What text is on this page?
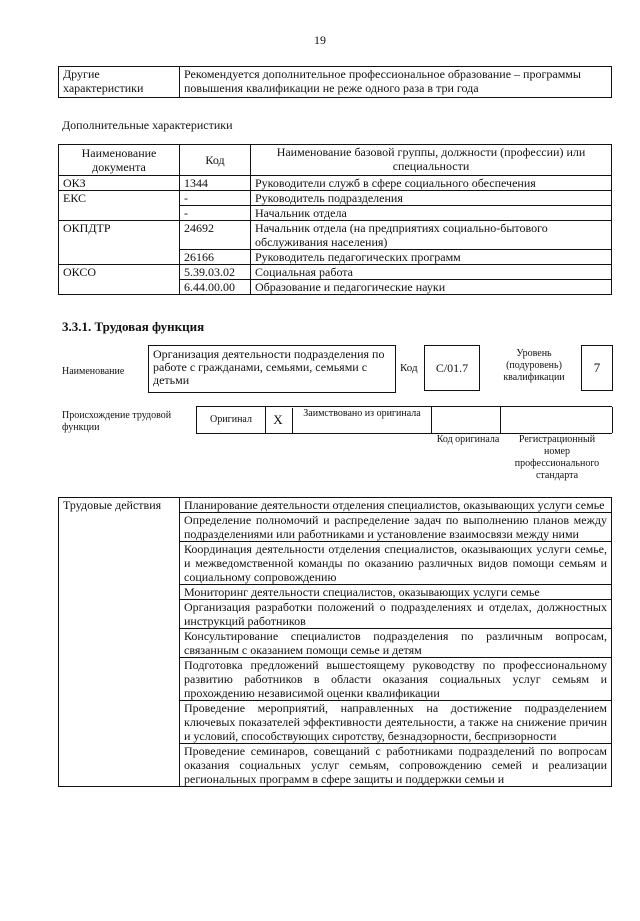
19
Другие характеристики	Рекомендуется дополнительное профессиональное образование – программы повышения квалификации не реже одного раза в три года
Дополнительные характеристики
Наименование документа	Код	Наименование базовой группы, должности (профессии) или специальности
ОКЗ	1344	Руководители служб в сфере социального обеспечения
ЕКС	-	Руководитель подразделения
	-	Начальник отдела
ОКПДТР	24692	Начальник отдела (на предприятиях социально-бытового обслуживания населения)
	26166	Руководитель педагогических программ
ОКСО	5.39.03.02	Социальная работа
	6.44.00.00	Образование и педагогические науки
3.3.1. Трудовая функция
Наименование
Организация деятельности подразделения по работе с гражданами, семьями, семьями с детьми
Код	C/01.7
Уровень (подуровень) квалификации
7
Происхождение трудовой функции
Оригинал	X	Заимствовано из оригинала
Код оригинала	Регистрационный номер профессионального стандарта
Трудовые действия	Планирование деятельности отделения специалистов, оказывающих услуги семье
Определение полномочий и распределение задач по выполнению планов между подразделениями или работниками и установление взаимосвязи между ними
Координация деятельности отделения специалистов, оказывающих услуги семье, и межведомственной команды по оказанию различных видов помощи семьям и социальному сопровождению
Мониторинг деятельности специалистов, оказывающих услуги семье
Организация разработки положений о подразделениях и отделах, должностных инструкций работников
Консультирование специалистов подразделения по различным вопросам, связанным с оказанием помощи семье и детям
Подготовка предложений вышестоящему руководству по профессиональному развитию работников в области оказания социальных услуг семьям и прохождению независимой оценки квалификации
Проведение мероприятий, направленных на достижение подразделением ключевых показателей эффективности деятельности, а также на снижение причин и условий, способствующих сиротству, безнадзорности, беспризорности
Проведение семинаров, совещаний с работниками подразделений по вопросам оказания социальных услуг семьям, сопровождению семей и реализации региональных программ в сфере защиты и поддержки семьи и
